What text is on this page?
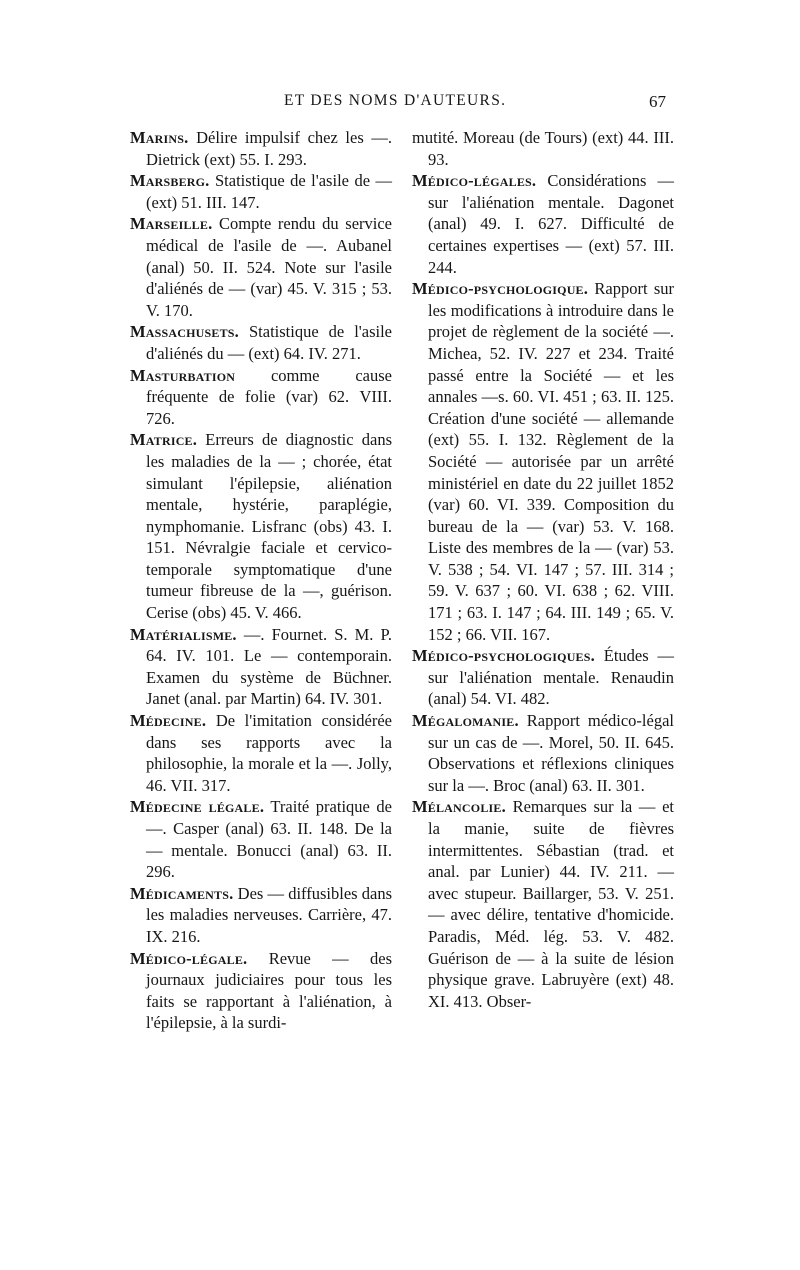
ET DES NOMS D'AUTEURS.	67

Marins. Délire impulsif chez les —. Dietrick (ext) 55. I. 293.

Marsberg. Statistique de l'asile de — (ext) 51. III. 147.

Marseille. Compte rendu du service médical de l'asile de —. Aubanel (anal) 50. II. 524. Note sur l'asile d'aliénés de — (var) 45. V. 315 ; 53. V. 170.

Massachusets. Statistique de l'asile d'aliénés du — (ext) 64. IV. 271.

Masturbation comme cause fréquente de folie (var) 62. VIII. 726.

Matrice. Erreurs de diagnostic dans les maladies de la — ; chorée, état simulant l'épilepsie, aliénation mentale, hystérie, paraplégie, nymphomanie. Lisfranc (obs) 43. I. 151. Névralgie faciale et cervico-temporale symptomatique d'une tumeur fibreuse de la —, guérison. Cerise (obs) 45. V. 466.

Matérialisme. —. Fournet. S. M. P. 64. IV. 101. Le — contemporain. Examen du système de Büchner. Janet (anal. par Martin) 64. IV. 301.

Médecine. De l'imitation considérée dans ses rapports avec la philosophie, la morale et la —. Jolly, 46. VII. 317.

Médecine légale. Traité pratique de —. Casper (anal) 63. II. 148. De la — mentale. Bonucci (anal) 63. II. 296.

Médicaments. Des — diffusibles dans les maladies nerveuses. Carrière, 47. IX. 216.

Médico-légale. Revue — des journaux judiciaires pour tous les faits se rapportant à l'aliénation, à l'épilepsie, à la surdi-

mutité. Moreau (de Tours) (ext) 44. III. 93.

Médico-légales. Considérations — sur l'aliénation mentale. Dagonet (anal) 49. I. 627. Difficulté de certaines expertises — (ext) 57. III. 244.

Médico-psychologique. Rapport sur les modifications à introduire dans le projet de règlement de la société —. Michea, 52. IV. 227 et 234. Traité passé entre la Société — et les annales —s. 60. VI. 451 ; 63. II. 125. Création d'une société — allemande (ext) 55. I. 132. Règlement de la Société — autorisée par un arrêté ministériel en date du 22 juillet 1852 (var) 60. VI. 339. Composition du bureau de la — (var) 53. V. 168. Liste des membres de la — (var) 53. V. 538 ; 54. VI. 147 ; 57. III. 314 ; 59. V. 637 ; 60. VI. 638 ; 62. VIII. 171 ; 63. I. 147 ; 64. III. 149 ; 65. V. 152 ; 66. VII. 167.

Médico-psychologiques. Études — sur l'aliénation mentale. Renaudin (anal) 54. VI. 482.

Mégalomanie. Rapport médico-légal sur un cas de —. Morel, 50. II. 645. Observations et réflexions cliniques sur la —. Broc (anal) 63. II. 301.

Mélancolie. Remarques sur la — et la manie, suite de fièvres intermittentes. Sébastian (trad. et anal. par Lunier) 44. IV. 211. — avec stupeur. Baillarger, 53. V. 251. — avec délire, tentative d'homicide. Paradis, Méd. lég. 53. V. 482. Guérison de — à la suite de lésion physique grave. Labruyère (ext) 48. XI. 413. Obser-
